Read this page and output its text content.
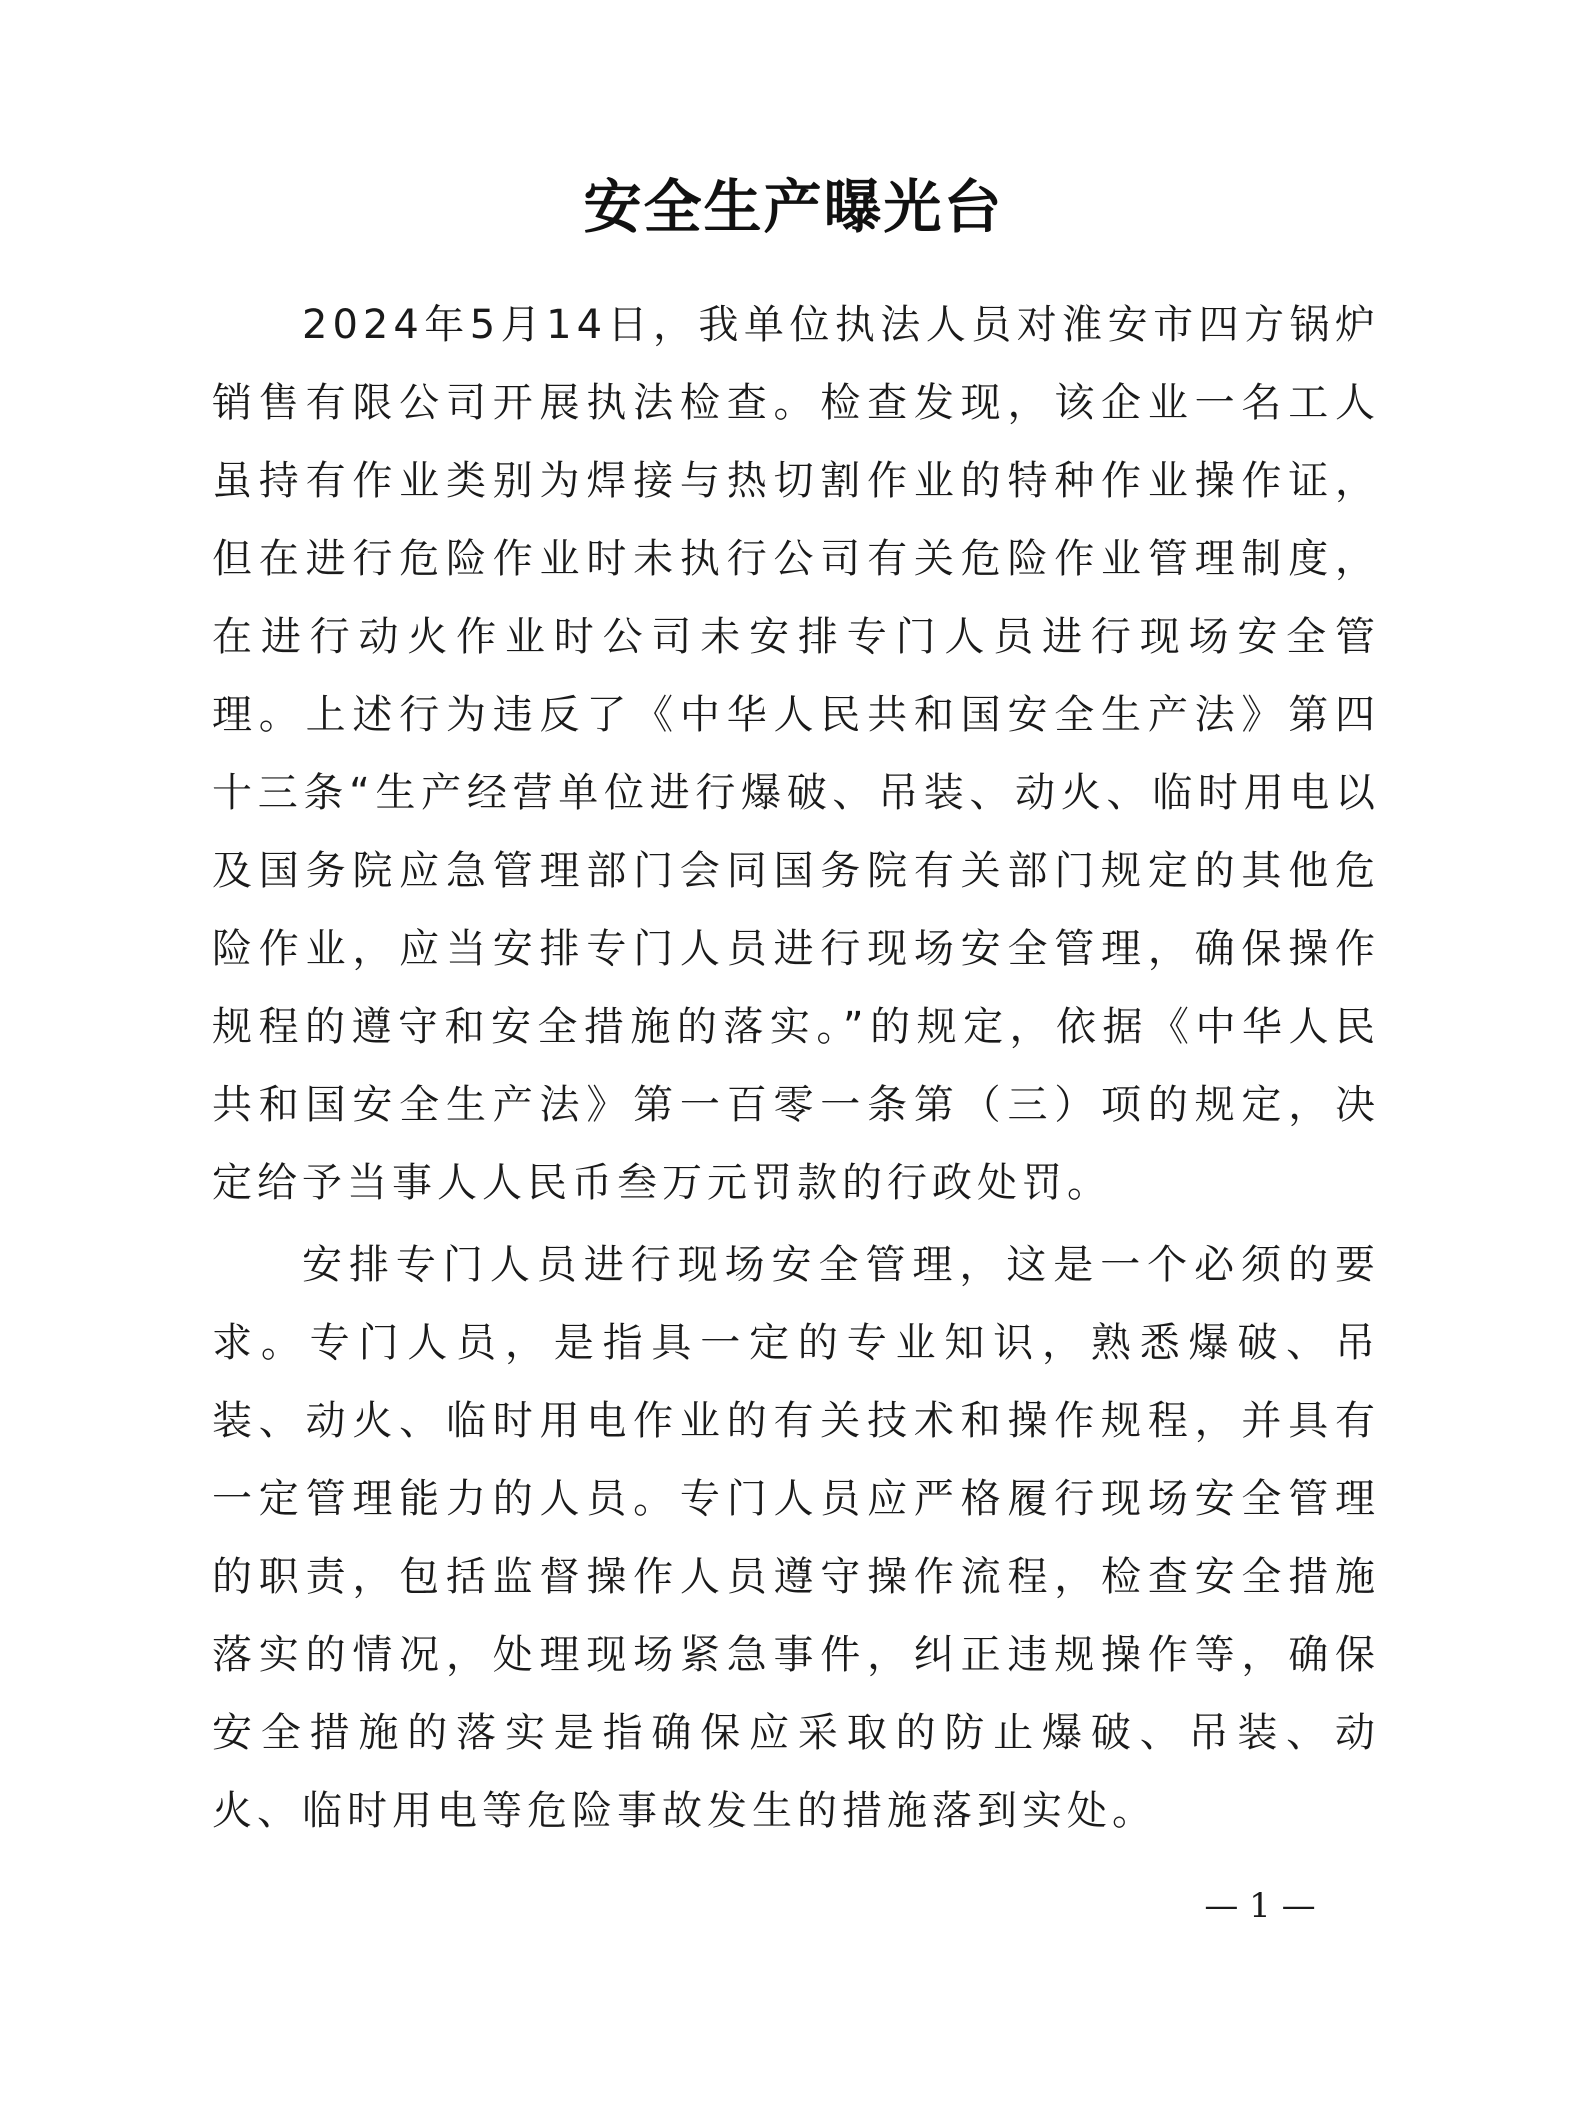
安全生产曝光台

2024年5月14日，我单位执法人员对淮安市四方锅炉销售有限公司开展执法检查。检查发现，该企业一名工人虽持有作业类别为焊接与热切割作业的特种作业操作证，但在进行危险作业时未执行公司有关危险作业管理制度，在进行动火作业时公司未安排专门人员进行现场安全管理。上述行为违反了《中华人民共和国安全生产法》第四十三条“生产经营单位进行爆破、吊装、动火、临时用电以及国务院应急管理部门会同国务院有关部门规定的其他危险作业，应当安排专门人员进行现场安全管理，确保操作规程的遵守和安全措施的落实。”的规定，依据《中华人民共和国安全生产法》第一百零一条第（三）项的规定，决定给予当事人人民币叁万元罚款的行政处罚。

安排专门人员进行现场安全管理，这是一个必须的要求。专门人员，是指具一定的专业知识，熟悉爆破、吊装、动火、临时用电作业的有关技术和操作规程，并具有一定管理能力的人员。专门人员应严格履行现场安全管理的职责，包括监督操作人员遵守操作流程，检查安全措施落实的情况，处理现场紧急事件，纠正违规操作等，确保安全措施的落实是指确保应采取的防止爆破、吊装、动火、临时用电等危险事故发生的措施落到实处。

— 1 —
